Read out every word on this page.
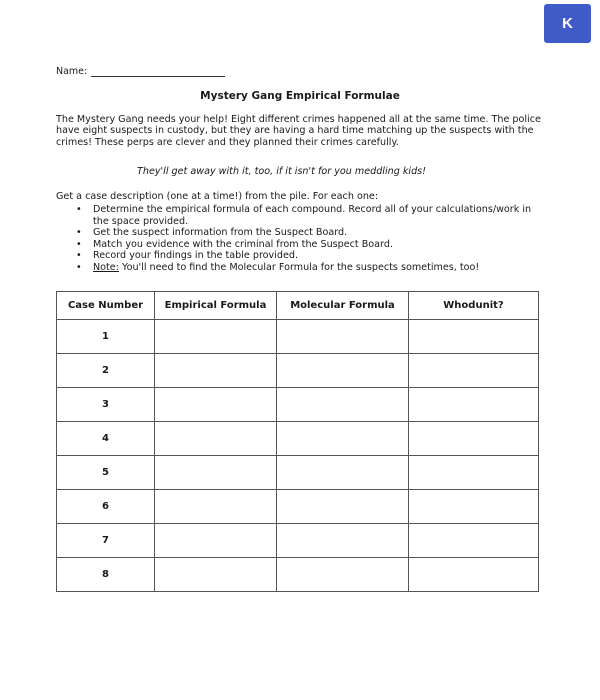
K
Name:
Mystery Gang Empirical Formulae
The Mystery Gang needs your help! Eight different crimes happened all at the same time. The police have eight suspects in custody, but they are having a hard time matching up the suspects with the crimes! These perps are clever and they planned their crimes carefully.
They'll get away with it, too, if it isn't for you meddling kids!
Get a case description (one at a time!) from the pile. For each one:
•	Determine the empirical formula of each compound. Record all of your calculations/work in the space provided.
•	Get the suspect information from the Suspect Board.
•	Match you evidence with the criminal from the Suspect Board.
•	Record your findings in the table provided.
•	Note: You'll need to find the Molecular Formula for the suspects sometimes, too!
Case Number	Empirical Formula	Molecular Formula	Whodunit?
1			
2			
3			
4			
5			
6			
7			
8			
